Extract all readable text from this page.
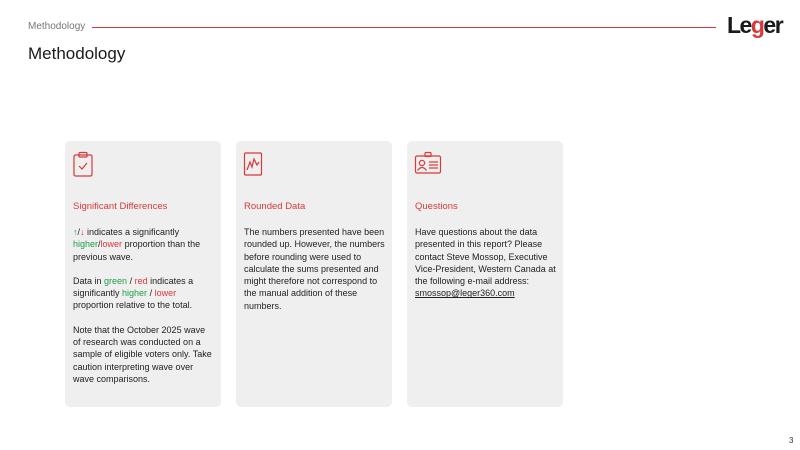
Methodology	Leger
Methodology
Significant Differences

↑/↓ indicates a significantly higher/lower proportion than the previous wave.

Data in green / red indicates a significantly higher / lower proportion relative to the total.

Note that the October 2025 wave of research was conducted on a sample of eligible voters only. Take caution interpreting wave over wave comparisons.

Rounded Data

The numbers presented have been rounded up. However, the numbers before rounding were used to calculate the sums presented and might therefore not correspond to the manual addition of these numbers.

Questions
Have questions about the data presented in this report? Please contact Steve Mossop, Executive Vice-President, Western Canada at the following e-mail address:
smossop@leger360.com
3
